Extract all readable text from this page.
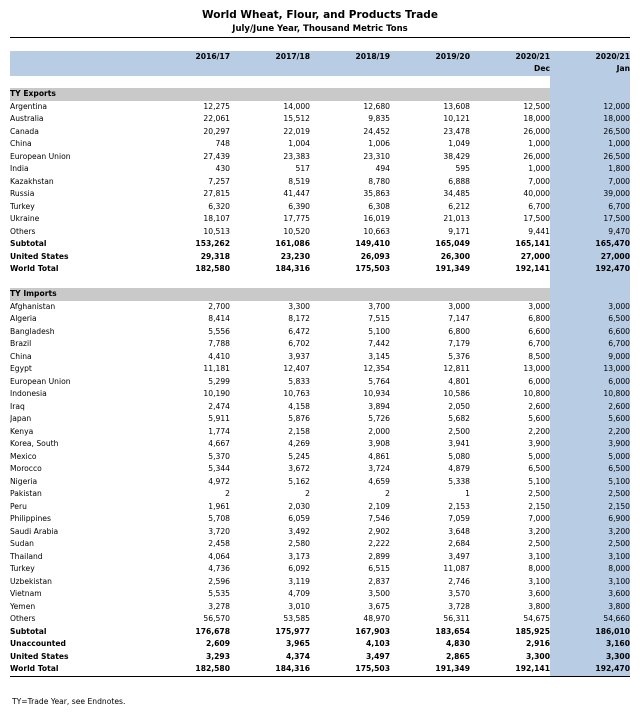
World Wheat, Flour, and Products Trade
July/June Year, Thousand Metric Tons

	2016/17	2017/18	2018/19	2019/20	2020/21	2020/21
					Dec	Jan

TY Exports						
Argentina	12,275	14,000	12,680	13,608	12,500	12,000
Australia	22,061	15,512	9,835	10,121	18,000	18,000
Canada	20,297	22,019	24,452	23,478	26,000	26,500
China	748	1,004	1,006	1,049	1,000	1,000
European Union	27,439	23,383	23,310	38,429	26,000	26,500
India	430	517	494	595	1,000	1,800
Kazakhstan	7,257	8,519	8,780	6,888	7,000	7,000
Russia	27,815	41,447	35,863	34,485	40,000	39,000
Turkey	6,320	6,390	6,308	6,212	6,700	6,700
Ukraine	18,107	17,775	16,019	21,013	17,500	17,500
Others	10,513	10,520	10,663	9,171	9,441	9,470
Subtotal	153,262	161,086	149,410	165,049	165,141	165,470
United States	29,318	23,230	26,093	26,300	27,000	27,000
World Total	182,580	184,316	175,503	191,349	192,141	192,470

TY Imports						
Afghanistan	2,700	3,300	3,700	3,000	3,000	3,000
Algeria	8,414	8,172	7,515	7,147	6,800	6,500
Bangladesh	5,556	6,472	5,100	6,800	6,600	6,600
Brazil	7,788	6,702	7,442	7,179	6,700	6,700
China	4,410	3,937	3,145	5,376	8,500	9,000
Egypt	11,181	12,407	12,354	12,811	13,000	13,000
European Union	5,299	5,833	5,764	4,801	6,000	6,000
Indonesia	10,190	10,763	10,934	10,586	10,800	10,800
Iraq	2,474	4,158	3,894	2,050	2,600	2,600
Japan	5,911	5,876	5,726	5,682	5,600	5,600
Kenya	1,774	2,158	2,000	2,500	2,200	2,200
Korea, South	4,667	4,269	3,908	3,941	3,900	3,900
Mexico	5,370	5,245	4,861	5,080	5,000	5,000
Morocco	5,344	3,672	3,724	4,879	6,500	6,500
Nigeria	4,972	5,162	4,659	5,338	5,100	5,100
Pakistan	2	2	2	1	2,500	2,500
Peru	1,961	2,030	2,109	2,153	2,150	2,150
Philippines	5,708	6,059	7,546	7,059	7,000	6,900
Saudi Arabia	3,720	3,492	2,902	3,648	3,200	3,200
Sudan	2,458	2,580	2,222	2,684	2,500	2,500
Thailand	4,064	3,173	2,899	3,497	3,100	3,100
Turkey	4,736	6,092	6,515	11,087	8,000	8,000
Uzbekistan	2,596	3,119	2,837	2,746	3,100	3,100
Vietnam	5,535	4,709	3,500	3,570	3,600	3,600
Yemen	3,278	3,010	3,675	3,728	3,800	3,800
Others	56,570	53,585	48,970	56,311	54,675	54,660
Subtotal	176,678	175,977	167,903	183,654	185,925	186,010
Unaccounted	2,609	3,965	4,103	4,830	2,916	3,160
United States	3,293	4,374	3,497	2,865	3,300	3,300
World Total	182,580	184,316	175,503	191,349	192,141	192,470
TY=Trade Year, see Endnotes.
